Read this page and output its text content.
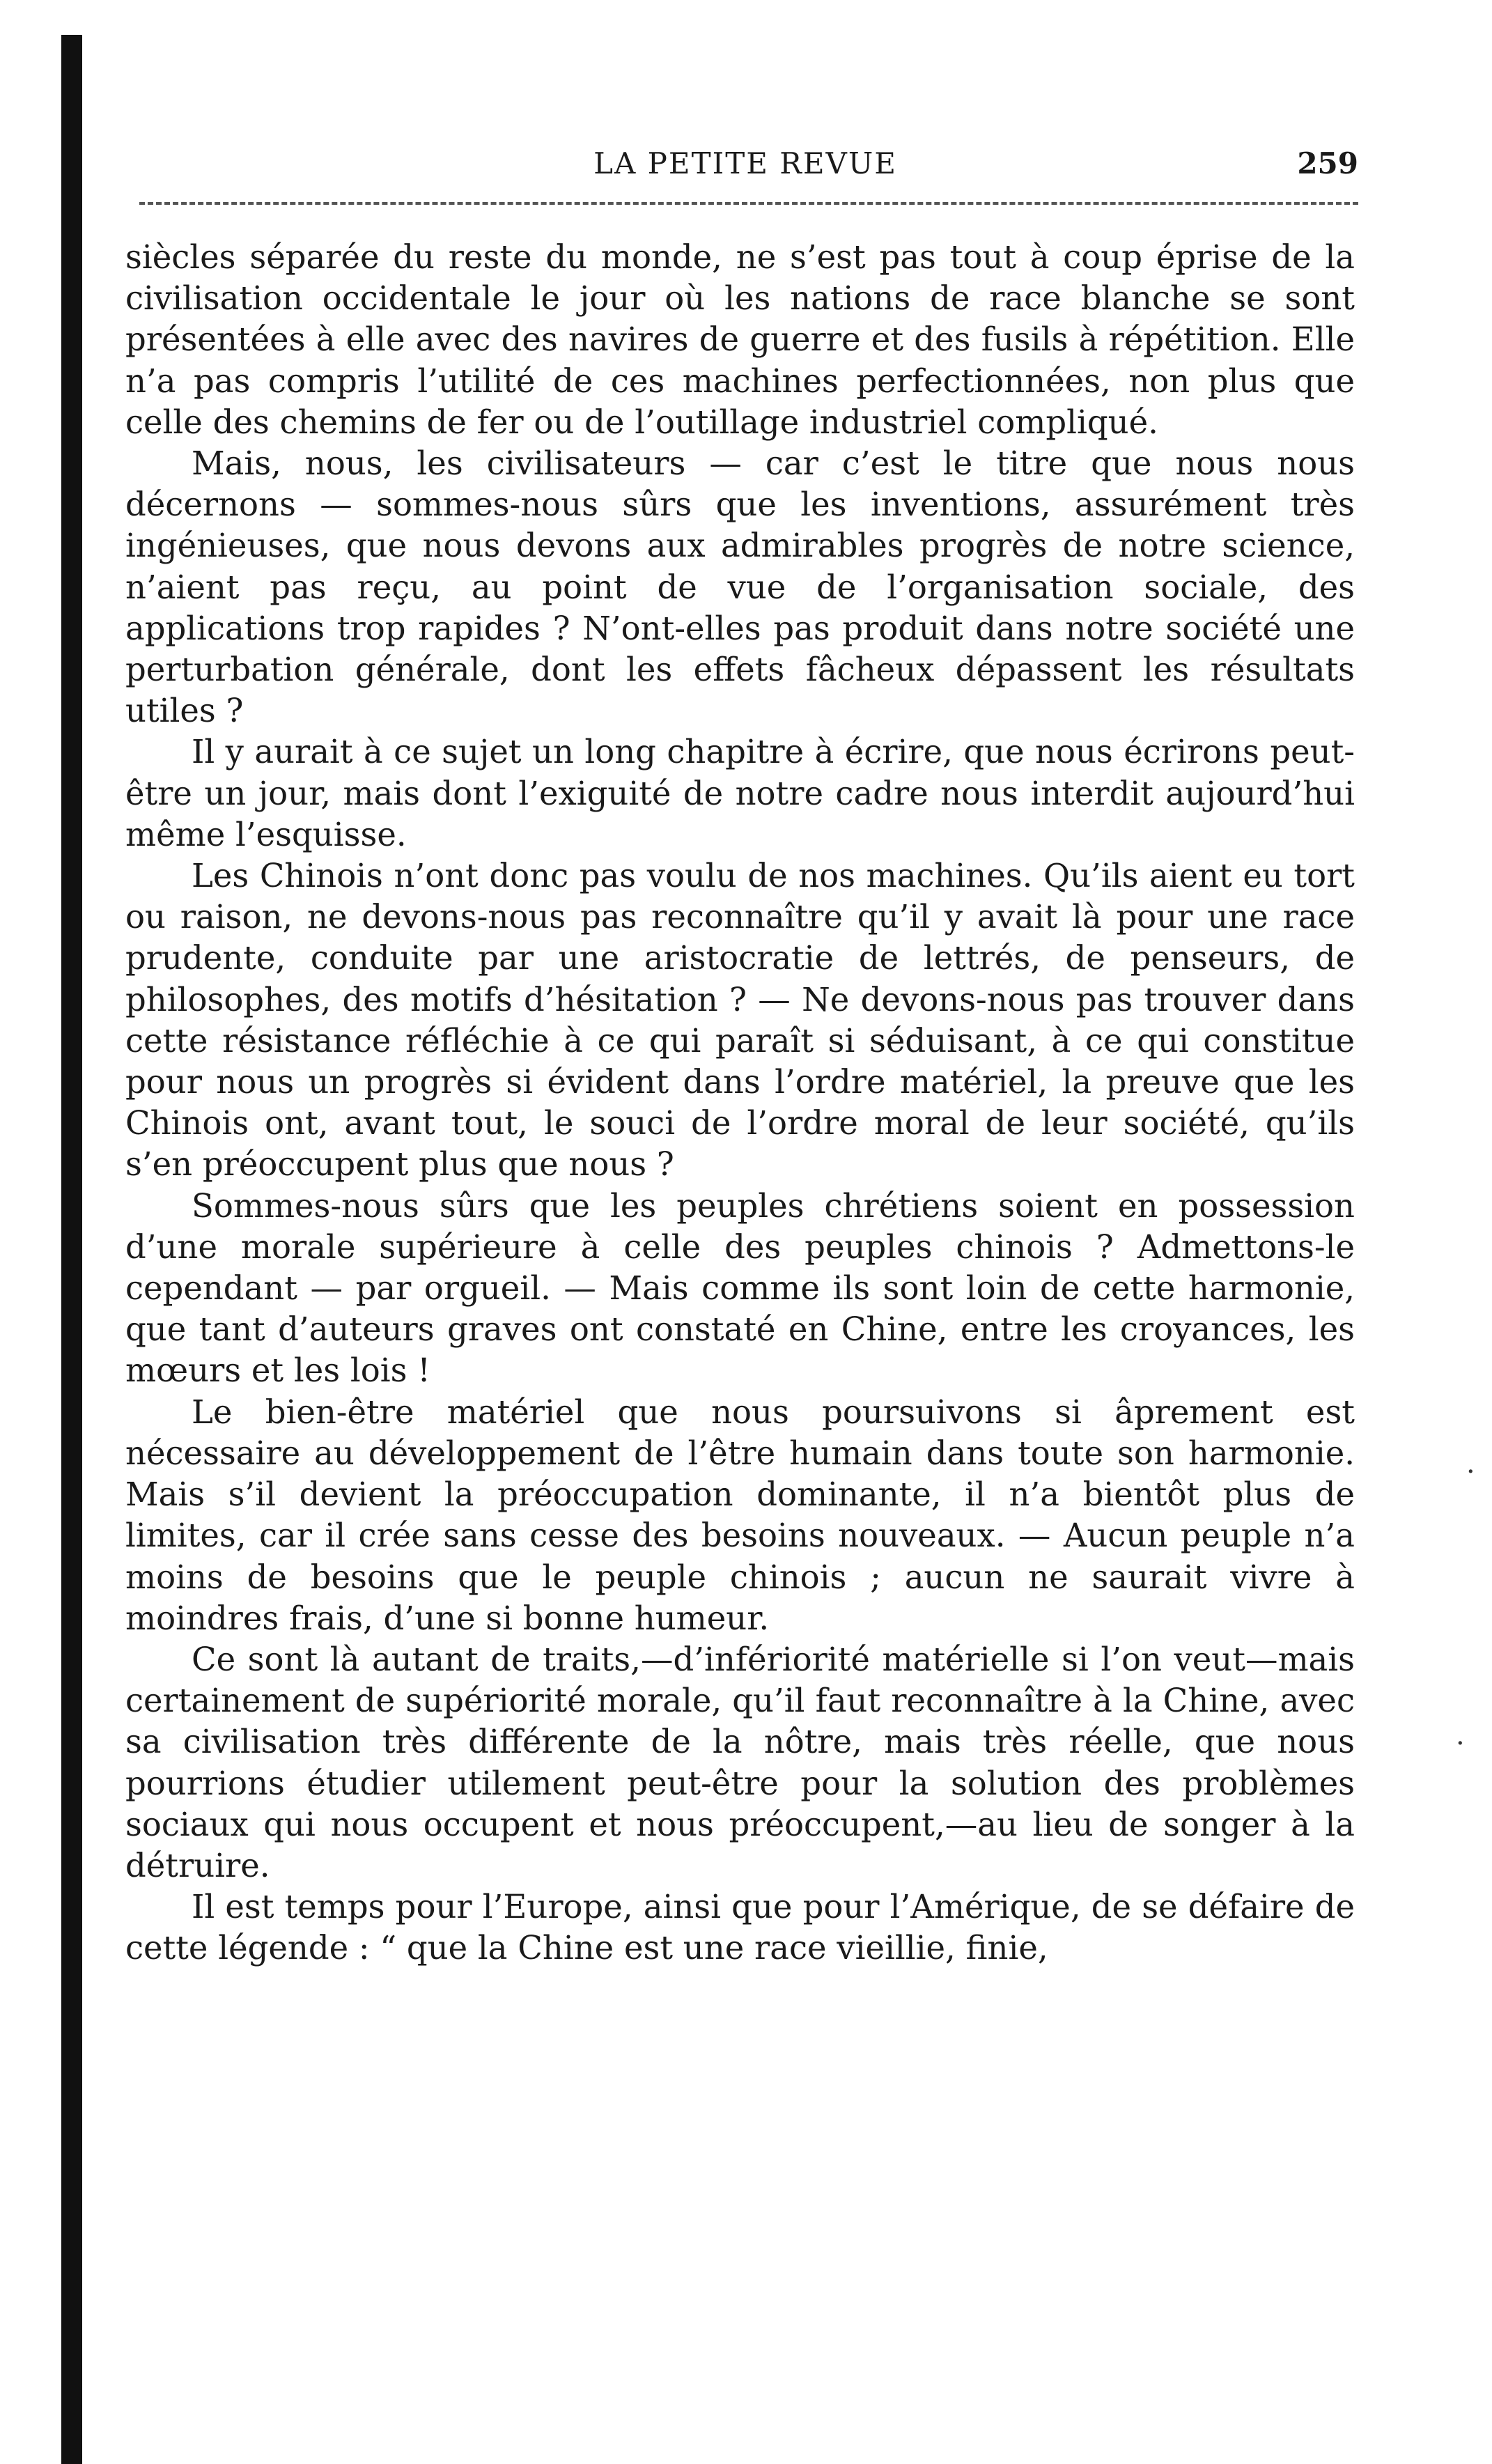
LA PETITE REVUE	259

siècles séparée du reste du monde, ne s’est pas tout à coup éprise de la civilisation occidentale le jour où les nations de race blanche se sont présentées à elle avec des navires de guerre et des fusils à répétition. Elle n’a pas compris l’utilité de ces machines perfectionnées, non plus que celle des chemins de fer ou de l’outillage industriel compliqué.

Mais, nous, les civilisateurs — car c’est le titre que nous nous décernons — sommes-nous sûrs que les inventions, assurément très ingénieuses, que nous devons aux admirables progrès de notre science, n’aient pas reçu, au point de vue de l’organisation sociale, des applications trop rapides ? N’ont-elles pas produit dans notre société une perturbation générale, dont les effets fâcheux dépassent les résultats utiles ?

Il y aurait à ce sujet un long chapitre à écrire, que nous écrirons peut-être un jour, mais dont l’exiguité de notre cadre nous interdit aujourd’hui même l’esquisse.

Les Chinois n’ont donc pas voulu de nos machines. Qu’ils aient eu tort ou raison, ne devons-nous pas reconnaître qu’il y avait là pour une race prudente, conduite par une aristocratie de lettrés, de penseurs, de philosophes, des motifs d’hésitation ? — Ne devons-nous pas trouver dans cette résistance réfléchie à ce qui paraît si séduisant, à ce qui constitue pour nous un progrès si évident dans l’ordre matériel, la preuve que les Chinois ont, avant tout, le souci de l’ordre moral de leur société, qu’ils s’en préoccupent plus que nous ?

Sommes-nous sûrs que les peuples chrétiens soient en possession d’une morale supérieure à celle des peuples chinois ? Admettons-le cependant — par orgueil. — Mais comme ils sont loin de cette harmonie, que tant d’auteurs graves ont constaté en Chine, entre les croyances, les mœurs et les lois !

Le bien-être matériel que nous poursuivons si âprement est nécessaire au développement de l’être humain dans toute son harmonie. Mais s’il devient la préoccupation dominante, il n’a bientôt plus de limites, car il crée sans cesse des besoins nouveaux. — Aucun peuple n’a moins de besoins que le peuple chinois ; aucun ne saurait vivre à moindres frais, d’une si bonne humeur.

Ce sont là autant de traits,—d’infériorité matérielle si l’on veut—mais certainement de supériorité morale, qu’il faut reconnaître à la Chine, avec sa civilisation très différente de la nôtre, mais très réelle, que nous pourrions étudier utilement peut-être pour la solution des problèmes sociaux qui nous occupent et nous préoccupent,—au lieu de songer à la détruire.

Il est temps pour l’Europe, ainsi que pour l’Amérique, de se défaire de cette légende : “ que la Chine est une race vieillie, finie,

·
·
